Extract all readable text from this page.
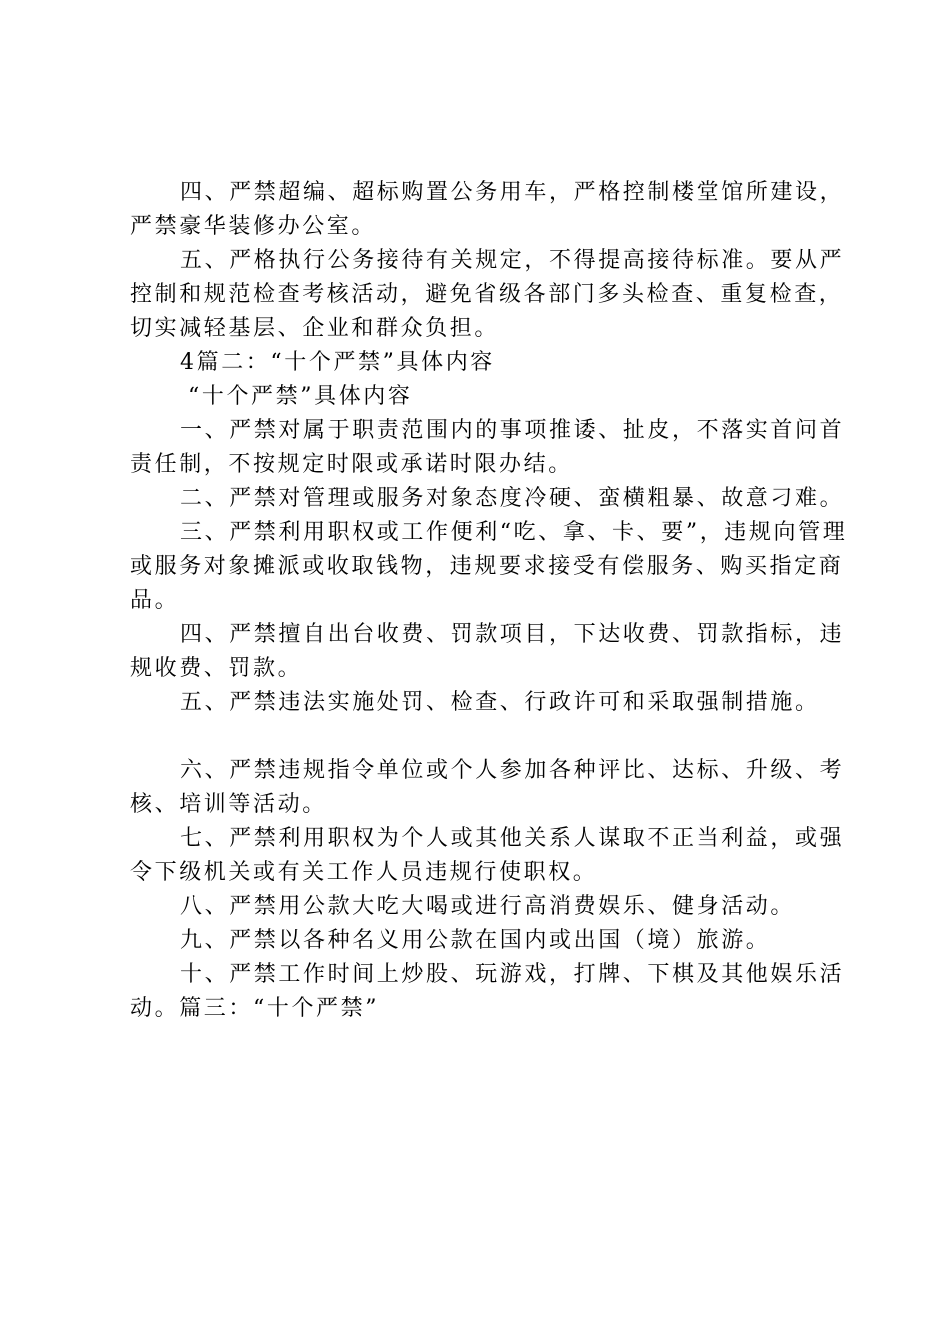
四、严禁超编、超标购置公务用车，严格控制楼堂馆所建设，严禁豪华装修办公室。

五、严格执行公务接待有关规定，不得提高接待标准。要从严控制和规范检查考核活动，避免省级各部门多头检查、重复检查，切实减轻基层、企业和群众负担。

4篇二：“十个严禁”具体内容

“十个严禁”具体内容

一、严禁对属于职责范围内的事项推诿、扯皮，不落实首问首责任制，不按规定时限或承诺时限办结。

二、严禁对管理或服务对象态度冷硬、蛮横粗暴、故意刁难。

三、严禁利用职权或工作便利“吃、拿、卡、要”，违规向管理或服务对象摊派或收取钱物，违规要求接受有偿服务、购买指定商品。

四、严禁擅自出台收费、罚款项目，下达收费、罚款指标，违规收费、罚款。

五、严禁违法实施处罚、检查、行政许可和采取强制措施。

六、严禁违规指令单位或个人参加各种评比、达标、升级、考核、培训等活动。

七、严禁利用职权为个人或其他关系人谋取不正当利益，或强令下级机关或有关工作人员违规行使职权。

八、严禁用公款大吃大喝或进行高消费娱乐、健身活动。

九、严禁以各种名义用公款在国内或出国（境）旅游。

十、严禁工作时间上炒股、玩游戏，打牌、下棋及其他娱乐活动。篇三：“十个严禁”
